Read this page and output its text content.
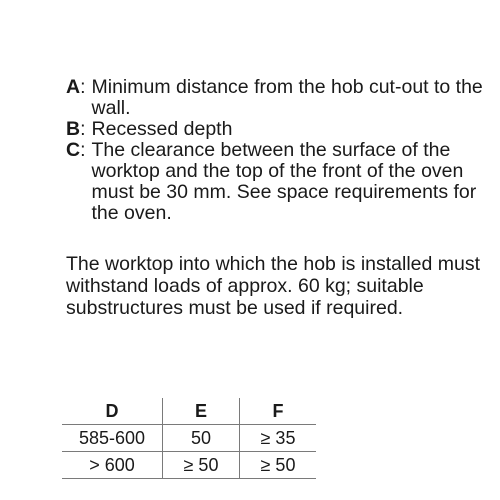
A : Minimum distance from the hob cut-out to the wall.
B : Recessed depth
C : The clearance between the surface of the worktop and the top of the front of the oven must be 30 mm. See space requirements for the oven.

The worktop into which the hob is installed must withstand loads of approx. 60 kg; suitable substructures must be used if required.

D	E	F
585-600	50	≥ 35
> 600	≥ 50	≥ 50
